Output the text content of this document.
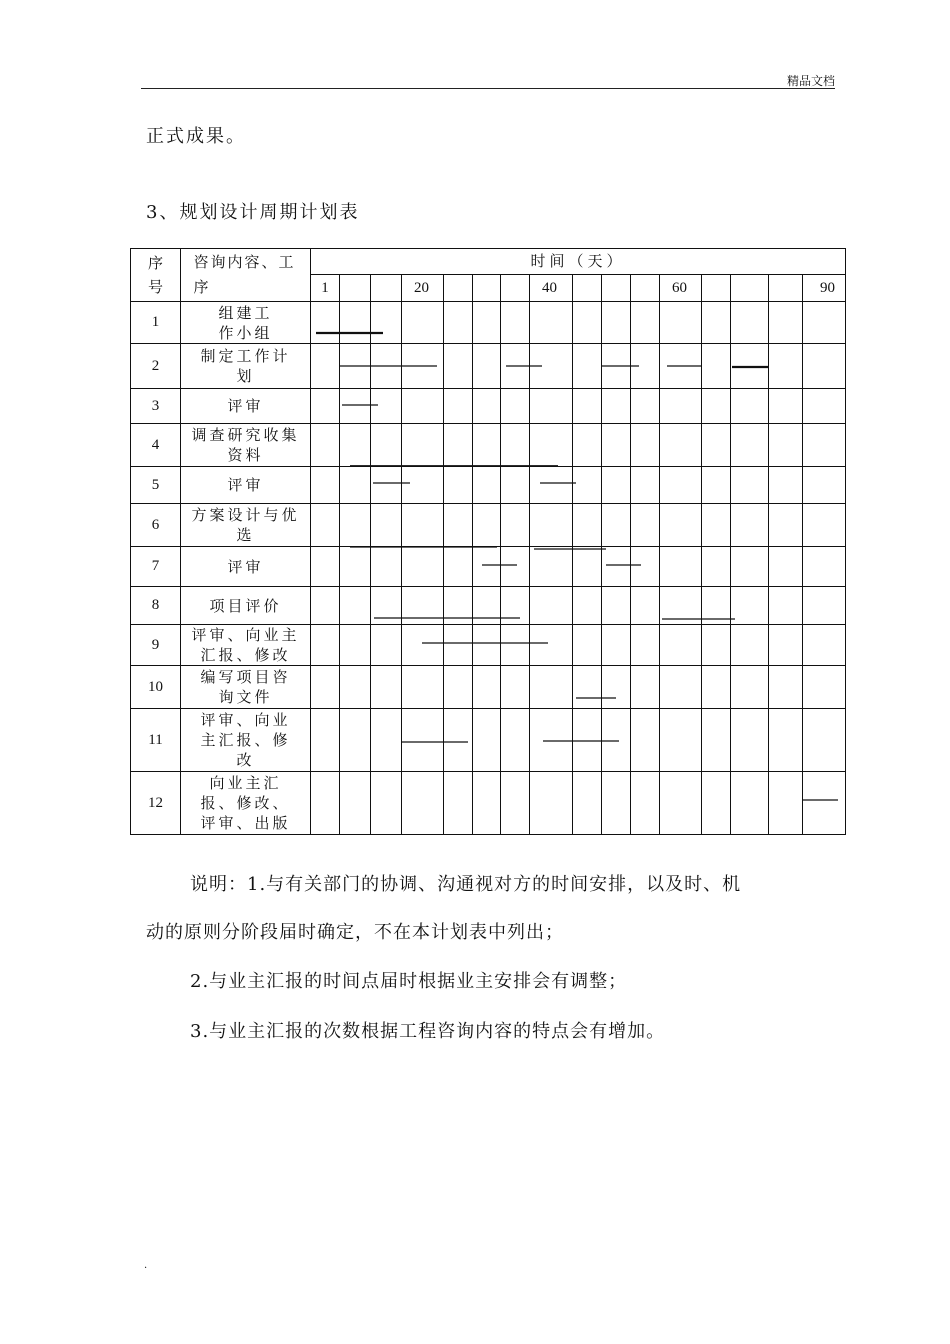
精品文档
正式成果。
3、规划设计周期计划表
序号	咨询内容、工序	时间（天）															
		1			20				40				60				90
1	组建工作小组																

2	制定工作计划																

3	评审																

4	调查研究收集资料																

5	评审																

6	方案设计与优选																

7	评审																

8	项目评价																

9	评审、向业主汇报、修改																

10	编写项目咨询文件																

11	评审、向业主汇报、修改																

12	向业主汇报、修改、评审、出版																

说明：1.与有关部门的协调、沟通视对方的时间安排，以及时、机
动的原则分阶段届时确定，不在本计划表中列出；
2.与业主汇报的时间点届时根据业主安排会有调整；
3.与业主汇报的次数根据工程咨询内容的特点会有增加。
.
